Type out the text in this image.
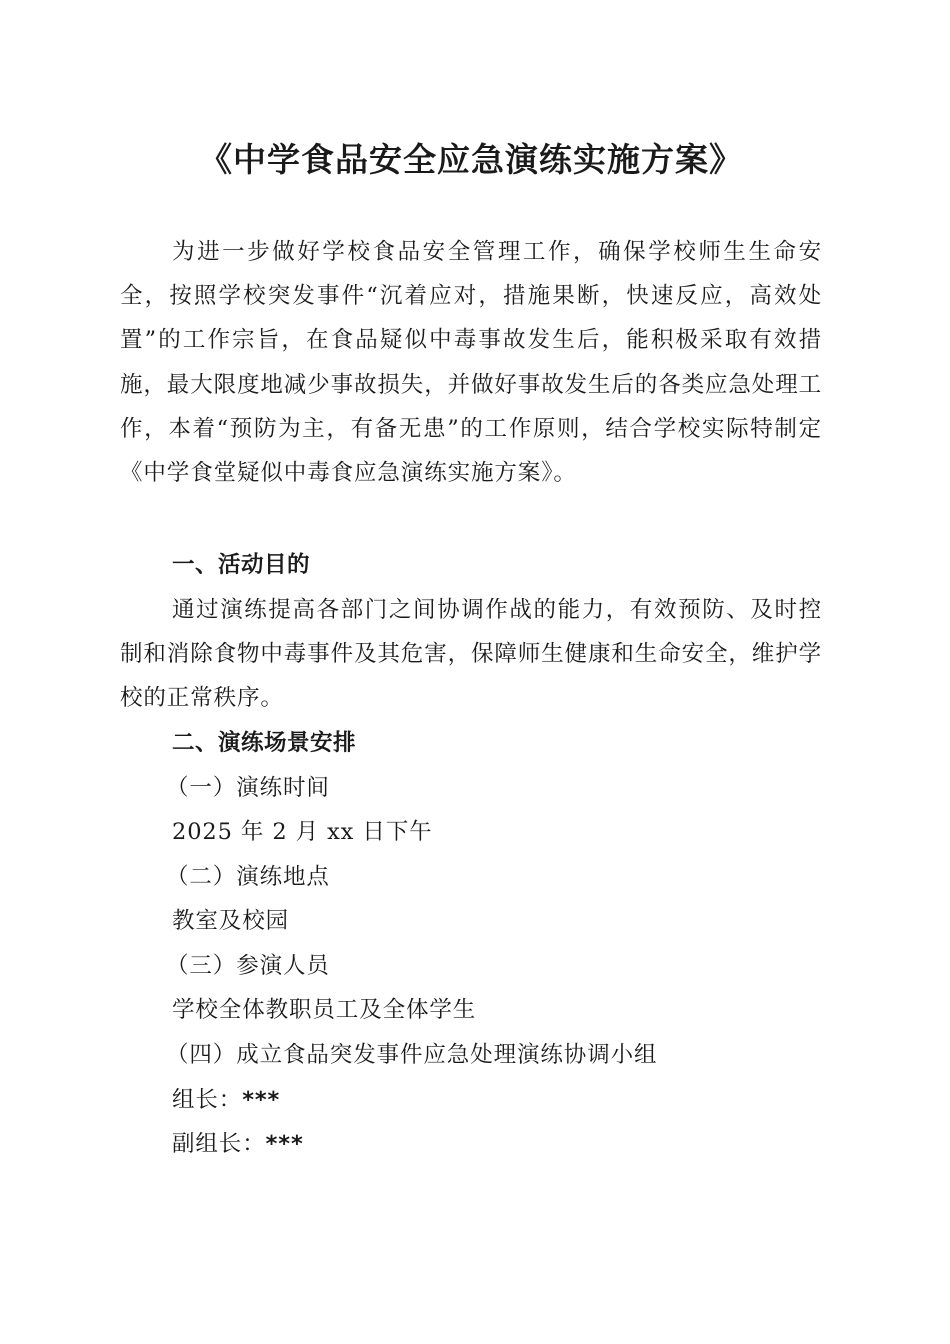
《中学食品安全应急演练实施方案》

为进一步做好学校食品安全管理工作，确保学校师生生命安全，按照学校突发事件“沉着应对，措施果断，快速反应，高效处置”的工作宗旨，在食品疑似中毒事故发生后，能积极采取有效措施，最大限度地减少事故损失，并做好事故发生后的各类应急处理工作，本着“预防为主，有备无患”的工作原则，结合学校实际特制定《中学食堂疑似中毒食应急演练实施方案》。

一、活动目的

通过演练提高各部门之间协调作战的能力，有效预防、及时控制和消除食物中毒事件及其危害，保障师生健康和生命安全，维护学校的正常秩序。

二、演练场景安排

（一）演练时间

2025 年 2 月 xx 日下午

（二）演练地点

教室及校园

（三）参演人员

学校全体教职员工及全体学生

（四）成立食品突发事件应急处理演练协调小组

组长：***

副组长：***
